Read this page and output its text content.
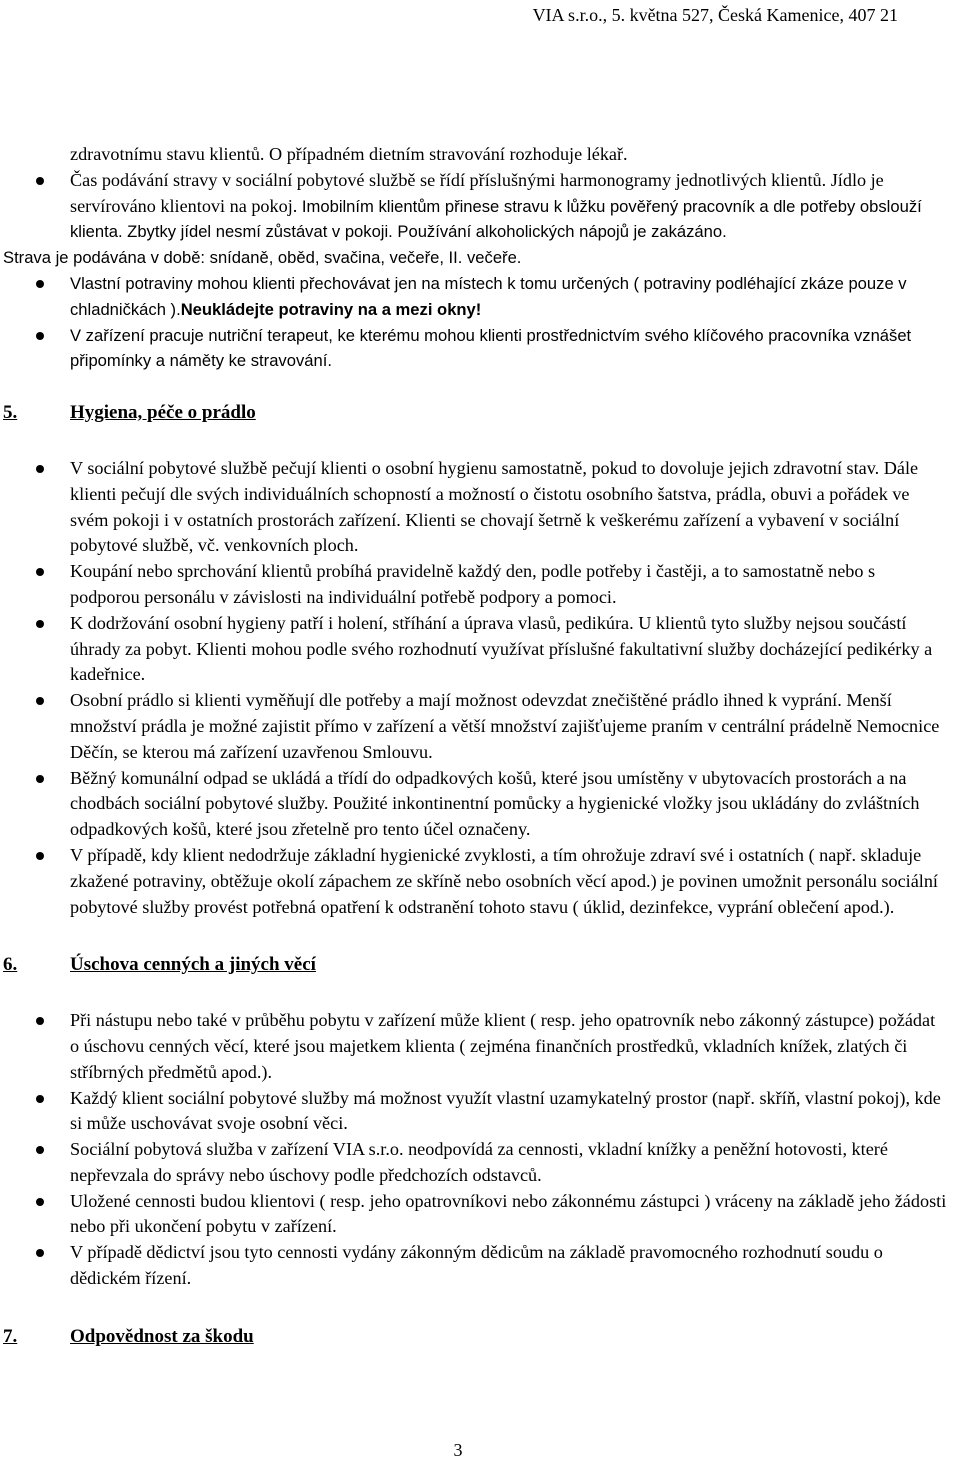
VIA s.r.o., 5. května 527, Česká Kamenice, 407 21

zdravotnímu stavu klientů. O případném dietním stravování rozhoduje lékař.

Čas podávání stravy v sociální pobytové službě se řídí příslušnými harmonogramy jednotlivých klientů. Jídlo je servírováno klientovi na pokoj. Imobilním klientům přinese stravu k lůžku pověřený pracovník a dle potřeby obslouží klienta. Zbytky jídel nesmí zůstávat v pokoji. Používání alkoholických nápojů je zakázáno.

Strava je podávána v době: snídaně, oběd, svačina, večeře, II. večeře.

Vlastní potraviny mohou klienti přechovávat jen na místech k tomu určených ( potraviny podléhající zkáze pouze v chladničkách ).Neukládejte potraviny na a mezi okny!

V zařízení pracuje nutriční terapeut, ke kterému mohou klienti prostřednictvím svého klíčového pracovníka vznášet připomínky a náměty ke stravování.

5.	Hygiena, péče o prádlo

V sociální pobytové službě pečují klienti o osobní hygienu samostatně, pokud to dovoluje jejich zdravotní stav. Dále klienti pečují dle svých individuálních schopností a možností o čistotu osobního šatstva, prádla, obuvi a pořádek ve svém pokoji i v ostatních prostorách zařízení. Klienti se chovají šetrně k veškerému zařízení a vybavení v sociální pobytové službě, vč. venkovních ploch.

Koupání nebo sprchování klientů probíhá pravidelně každý den, podle potřeby i častěji, a to samostatně nebo s podporou personálu v závislosti na individuální potřebě podpory a pomoci.

K dodržování osobní hygieny patří i holení, stříhání a úprava vlasů, pedikúra. U klientů tyto služby nejsou součástí úhrady za pobyt. Klienti mohou podle svého rozhodnutí využívat příslušné fakultativní služby docházející pedikérky a kadeřnice.

Osobní prádlo si klienti vyměňují dle potřeby a mají možnost odevzdat znečištěné prádlo ihned k vyprání. Menší množství prádla je možné zajistit přímo v zařízení a větší množství zajišťujeme praním v centrální prádelně Nemocnice Děčín, se kterou má zařízení uzavřenou Smlouvu.

Běžný komunální odpad se ukládá a třídí do odpadkových košů, které jsou umístěny v ubytovacích prostorách a na chodbách sociální pobytové služby. Použité inkontinentní pomůcky a hygienické vložky jsou ukládány do zvláštních odpadkových košů, které jsou zřetelně pro tento účel označeny.

V případě, kdy klient nedodržuje základní hygienické zvyklosti, a tím ohrožuje zdraví své i ostatních ( např. skladuje zkažené potraviny, obtěžuje okolí zápachem ze skříně nebo osobních věcí apod.) je povinen umožnit personálu sociální pobytové služby provést potřebná opatření k odstranění tohoto stavu ( úklid, dezinfekce, vyprání oblečení apod.).

6.	Úschova cenných a jiných věcí

Při nástupu nebo také v průběhu pobytu v zařízení může klient ( resp. jeho opatrovník nebo zákonný zástupce) požádat o úschovu cenných věcí, které jsou majetkem klienta ( zejména finančních prostředků, vkladních knížek, zlatých či stříbrných předmětů apod.).

Každý klient sociální pobytové služby má možnost využít vlastní uzamykatelný prostor (např. skříň, vlastní pokoj), kde si může uschovávat svoje osobní věci.

Sociální pobytová služba v zařízení VIA s.r.o. neodpovídá za cennosti, vkladní knížky a peněžní hotovosti, které nepřevzala do správy nebo úschovy podle předchozích odstavců.

Uložené cennosti budou klientovi ( resp. jeho opatrovníkovi nebo zákonnému zástupci ) vráceny na základě jeho žádosti nebo při ukončení pobytu v zařízení.

V případě dědictví jsou tyto cennosti vydány zákonným dědicům na základě pravomocného rozhodnutí soudu o dědickém řízení.

7.	Odpovědnost za škodu
3
